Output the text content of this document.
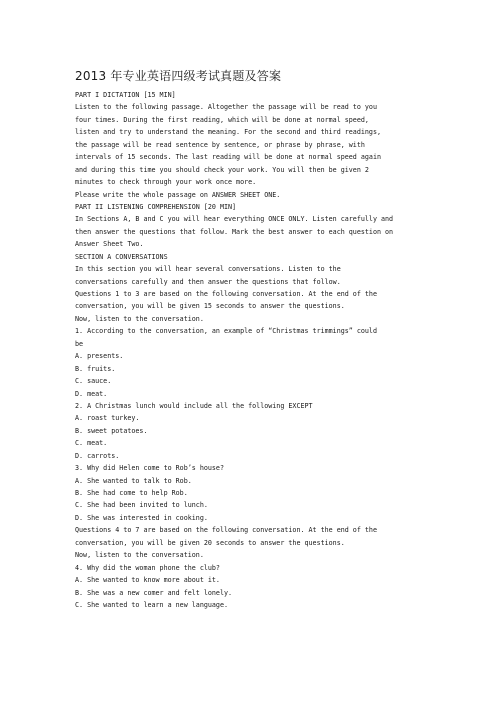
2013 年专业英语四级考试真题及答案
PART I DICTATION [15 MIN]
Listen to the following passage. Altogether the passage will be read to you
four times. During the first reading, which will be done at normal speed,
listen and try to understand the meaning. For the second and third readings,
the passage will be read sentence by sentence, or phrase by phrase, with
intervals of 15 seconds. The last reading will be done at normal speed again
and during this time you should check your work. You will then be given 2
minutes to check through your work once more.
Please write the whole passage on ANSWER SHEET ONE.
PART II LISTENING COMPREHENSION [20 MIN]
In Sections A, B and C you will hear everything ONCE ONLY. Listen carefully and
then answer the questions that follow. Mark the best answer to each question on
Answer Sheet Two.
SECTION A CONVERSATIONS
In this section you will hear several conversations. Listen to the
conversations carefully and then answer the questions that follow.
Questions 1 to 3 are based on the following conversation. At the end of the
conversation, you will be given 15 seconds to answer the questions.
Now, listen to the conversation.
1. According to the conversation, an example of “Christmas trimmings” could
be
A. presents.
B. fruits.
C. sauce.
D. meat.
2. A Christmas lunch would include all the following EXCEPT
A. roast turkey.
B. sweet potatoes.
C. meat.
D. carrots.
3. Why did Helen come to Rob’s house?
A. She wanted to talk to Rob.
B. She had come to help Rob.
C. She had been invited to lunch.
D. She was interested in cooking.
Questions 4 to 7 are based on the following conversation. At the end of the
conversation, you will be given 20 seconds to answer the questions.
Now, listen to the conversation.
4. Why did the woman phone the club?
A. She wanted to know more about it.
B. She was a new comer and felt lonely.
C. She wanted to learn a new language.
